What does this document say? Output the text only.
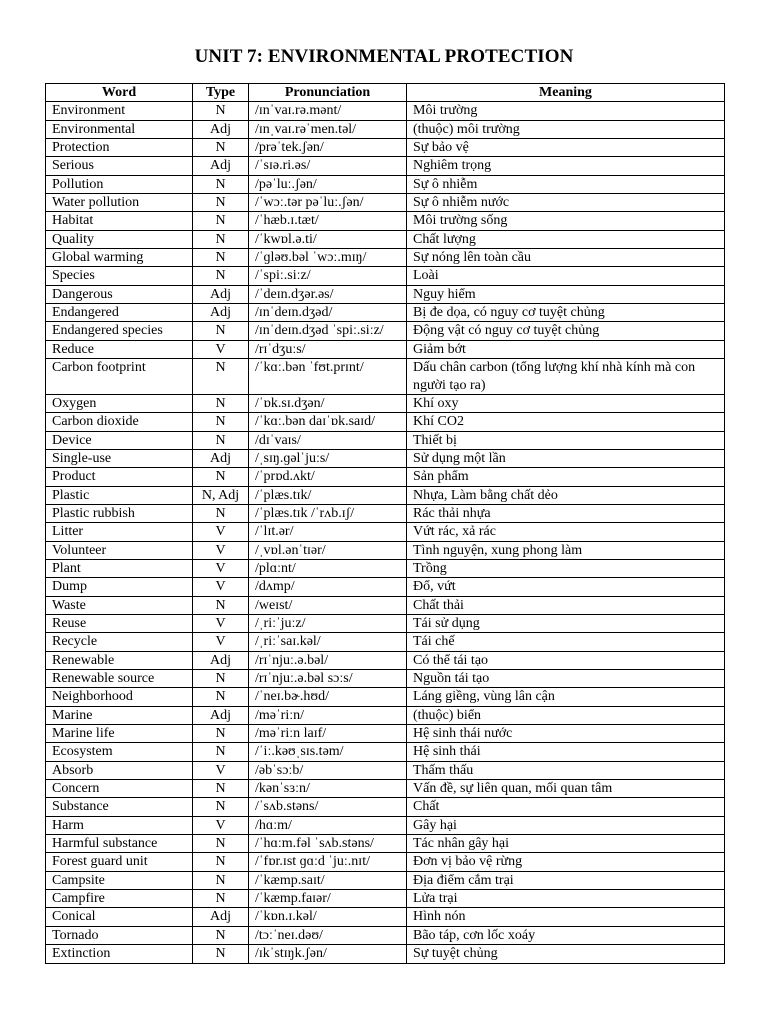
UNIT 7: ENVIRONMENTAL PROTECTION
Word	Type	Pronunciation	Meaning
Environment	N	/ɪnˈvaɪ.rə.mənt/	Môi trường
Environmental	Adj	/ɪnˌvaɪ.rəˈmen.təl/	(thuộc) môi trường
Protection	N	/prəˈtek.ʃən/	Sự bảo vệ
Serious	Adj	/ˈsɪə.ri.əs/	Nghiêm trọng
Pollution	N	/pəˈluː.ʃən/	Sự ô nhiễm
Water pollution	N	/ˈwɔː.tər pəˈluː.ʃən/	Sự ô nhiễm nước
Habitat	N	/ˈhæb.ɪ.tæt/	Môi trường sống
Quality	N	/ˈkwɒl.ə.ti/	Chất lượng
Global warming	N	/ˈɡləʊ.bəl ˈwɔː.mɪŋ/	Sự nóng lên toàn cầu
Species	N	/ˈspiː.siːz/	Loài
Dangerous	Adj	/ˈdeɪn.dʒər.əs/	Nguy hiểm
Endangered	Adj	/ɪnˈdeɪn.dʒəd/	Bị đe dọa, có nguy cơ tuyệt chủng
Endangered species	N	/ɪnˈdeɪn.dʒəd ˈspiː.siːz/	Động vật có nguy cơ tuyệt chủng
Reduce	V	/rɪˈdʒuːs/	Giảm bớt
Carbon footprint	N	/ˈkɑː.bən ˈfʊt.prɪnt/	Dấu chân carbon (tổng lượng khí nhà kính mà con người tạo ra)
Oxygen	N	/ˈɒk.sɪ.dʒən/	Khí oxy
Carbon dioxide	N	/ˈkɑː.bən daɪˈɒk.saɪd/	Khí CO2
Device	N	/dɪˈvaɪs/	Thiết bị
Single-use	Adj	/ˌsɪŋ.ɡəlˈjuːs/	Sử dụng một lần
Product	N	/ˈprɒd.ʌkt/	Sản phẩm
Plastic	N, Adj	/ˈplæs.tɪk/	Nhựa, Làm bằng chất dẻo
Plastic rubbish	N	/ˈplæs.tɪk /ˈrʌb.ɪʃ/	Rác thải nhựa
Litter	V	/ˈlɪt.ər/	Vứt rác, xả rác
Volunteer	V	/ˌvɒl.ənˈtɪər/	Tình nguyện, xung phong làm
Plant	V	/plɑːnt/	Trồng
Dump	V	/dʌmp/	Đổ, vứt
Waste	N	/weɪst/	Chất thải
Reuse	V	/ˌriːˈjuːz/	Tái sử dụng
Recycle	V	/ˌriːˈsaɪ.kəl/	Tái chế
Renewable	Adj	/rɪˈnjuː.ə.bəl/	Có thể tái tạo
Renewable source	N	/rɪˈnjuː.ə.bəl sɔːs/	Nguồn tái tạo
Neighborhood	N	/ˈneɪ.bɚ.hʊd/	Láng giềng, vùng lân cận
Marine	Adj	/məˈriːn/	(thuộc) biển
Marine life	N	/məˈriːn laɪf/	Hệ sinh thái nước
Ecosystem	N	/ˈiː.kəʊˌsɪs.təm/	Hệ sinh thái
Absorb	V	/əbˈsɔːb/	Thấm thấu
Concern	N	/kənˈsɜːn/	Vấn đề, sự liên quan, mối quan tâm
Substance	N	/ˈsʌb.stəns/	Chất
Harm	V	/hɑːm/	Gây hại
Harmful substance	N	/ˈhɑːm.fəl ˈsʌb.stəns/	Tác nhân gây hại
Forest guard unit	N	/ˈfɒr.ɪst ɡɑːd ˈjuː.nɪt/	Đơn vị bảo vệ rừng
Campsite	N	/ˈkæmp.saɪt/	Địa điểm cắm trại
Campfire	N	/ˈkæmp.faɪər/	Lửa trại
Conical	Adj	/ˈkɒn.ɪ.kəl/	Hình nón
Tornado	N	/tɔːˈneɪ.dəʊ/	Bão táp, cơn lốc xoáy
Extinction	N	/ɪkˈstɪŋk.ʃən/	Sự tuyệt chủng
